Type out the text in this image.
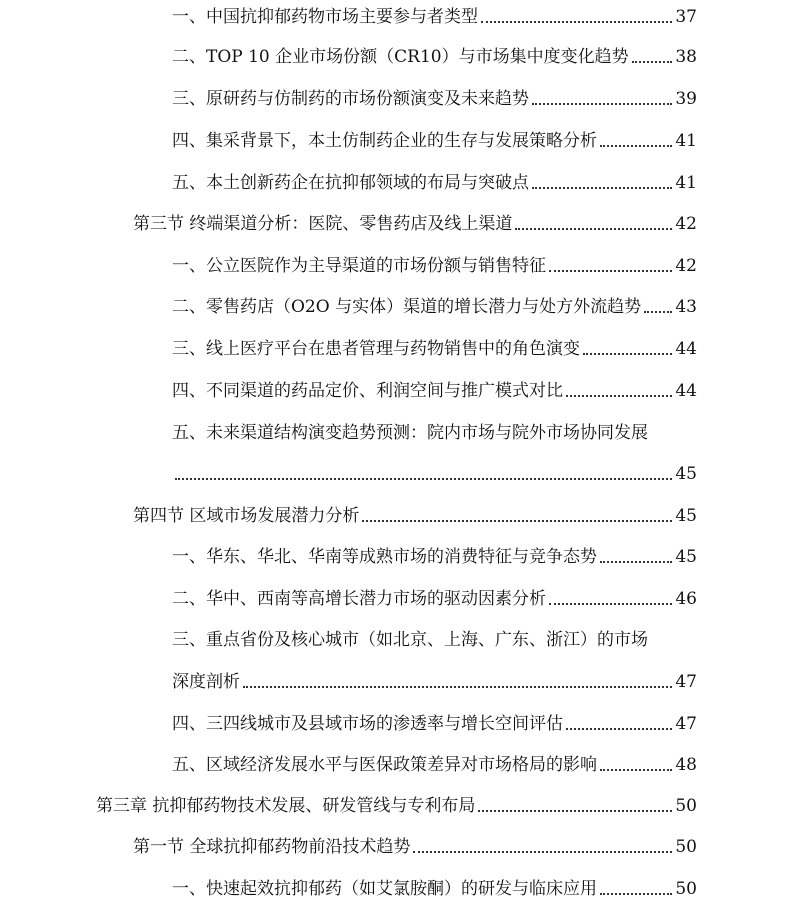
一、中国抗抑郁药物市场主要参与者类型	37
二、TOP 10 企业市场份额（CR10）与市场集中度变化趋势	38
三、原研药与仿制药的市场份额演变及未来趋势	39
四、集采背景下，本土仿制药企业的生存与发展策略分析	41
五、本土创新药企在抗抑郁领域的布局与突破点	41
第三节 终端渠道分析：医院、零售药店及线上渠道	42
一、公立医院作为主导渠道的市场份额与销售特征	42
二、零售药店（O2O 与实体）渠道的增长潜力与处方外流趋势 43
三、线上医疗平台在患者管理与药物销售中的角色演变	44
四、不同渠道的药品定价、利润空间与推广模式对比	44
五、未来渠道结构演变趋势预测：院内市场与院外市场协同发展
45
第四节 区域市场发展潜力分析	45
一、华东、华北、华南等成熟市场的消费特征与竞争态势	45
二、华中、西南等高增长潜力市场的驱动因素分析	46
三、重点省份及核心城市（如北京、上海、广东、浙江）的市场
深度剖析	47
四、三四线城市及县域市场的渗透率与增长空间评估	47
五、区域经济发展水平与医保政策差异对市场格局的影响	48
第三章 抗抑郁药物技术发展、研发管线与专利布局	50
第一节 全球抗抑郁药物前沿技术趋势	50
一、快速起效抗抑郁药（如艾氯胺酮）的研发与临床应用	50
